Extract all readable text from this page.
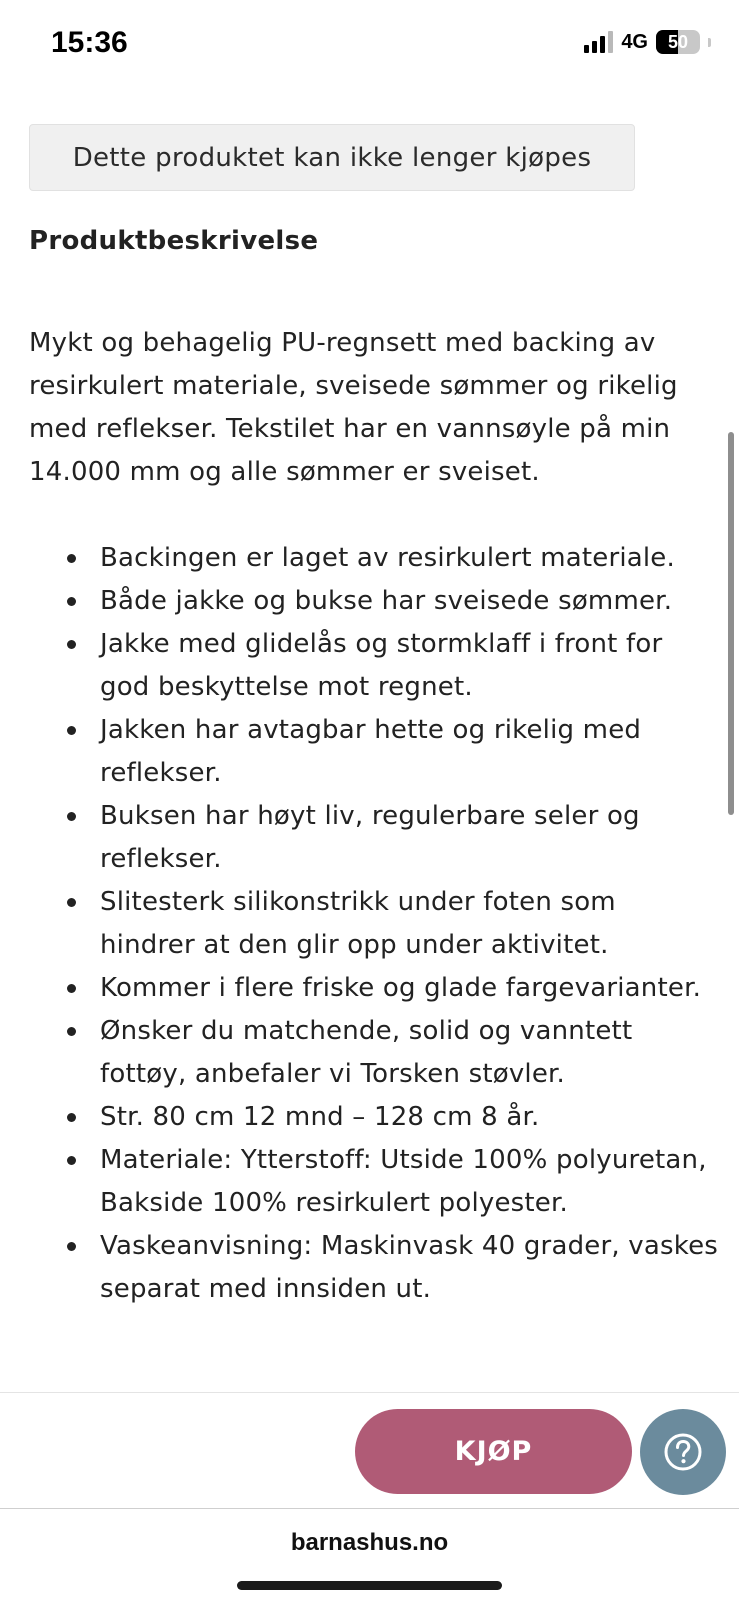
15:36	4G	50
Dette produktet kan ikke lenger kjøpes
Produktbeskrivelse

Mykt og behagelig PU-regnsett med backing av resirkulert materiale, sveisede sømmer og rikelig med reflekser. Tekstilet har en vannsøyle på min 14.000 mm og alle sømmer er sveiset.

Backingen er laget av resirkulert materiale.
Både jakke og bukse har sveisede sømmer.
Jakke med glidelås og stormklaff i front for god beskyttelse mot regnet.
Jakken har avtagbar hette og rikelig med reflekser.
Buksen har høyt liv, regulerbare seler og reflekser.
Slitesterk silikonstrikk under foten som hindrer at den glir opp under aktivitet.
Kommer i flere friske og glade fargevarianter.
Ønsker du matchende, solid og vanntett fottøy, anbefaler vi Torsken støvler.
Str. 80 cm 12 mnd – 128 cm 8 år.
Materiale: Ytterstoff: Utside 100% polyuretan, Bakside 100% resirkulert polyester.
Vaskeanvisning: Maskinvask 40 grader, vaskes separat med innsiden ut.
KJØP
barnashus.no
